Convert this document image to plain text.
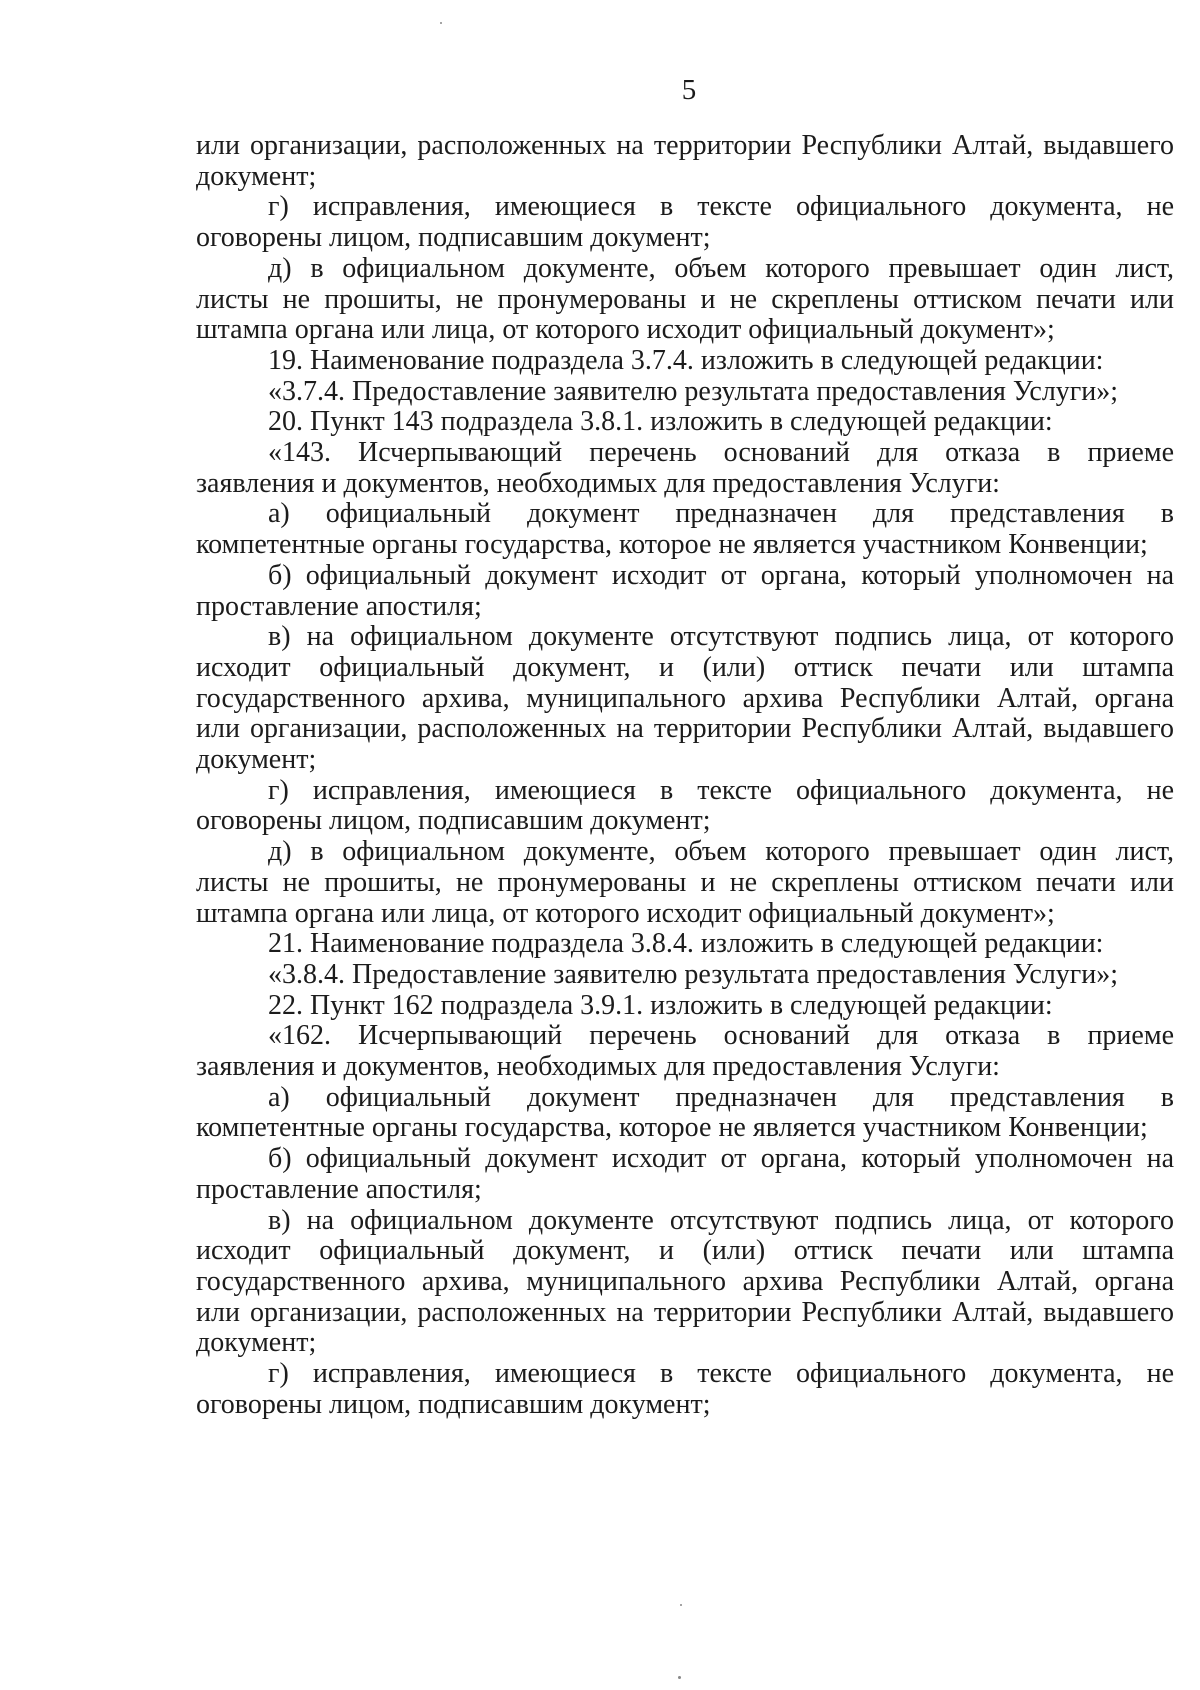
5
или организации, расположенных на территории Республики Алтай, выдавшего
документ;
г) исправления, имеющиеся в тексте официального документа, не
оговорены лицом, подписавшим документ;
д) в официальном документе, объем которого превышает один лист,
листы не прошиты, не пронумерованы и не скреплены оттиском печати или
штампа органа или лица, от которого исходит официальный документ»;
19. Наименование подраздела 3.7.4. изложить в следующей редакции:
«3.7.4. Предоставление заявителю результата предоставления Услуги»;
20. Пункт 143 подраздела 3.8.1. изложить в следующей редакции:
«143. Исчерпывающий перечень оснований для отказа в приеме
заявления и документов, необходимых для предоставления Услуги:
а) официальный документ предназначен для представления в
компетентные органы государства, которое не является участником Конвенции;
б) официальный документ исходит от органа, который уполномочен на
проставление апостиля;
в) на официальном документе отсутствуют подпись лица, от которого
исходит официальный документ, и (или) оттиск печати или штампа
государственного архива, муниципального архива Республики Алтай, органа
или организации, расположенных на территории Республики Алтай, выдавшего
документ;
г) исправления, имеющиеся в тексте официального документа, не
оговорены лицом, подписавшим документ;
д) в официальном документе, объем которого превышает один лист,
листы не прошиты, не пронумерованы и не скреплены оттиском печати или
штампа органа или лица, от которого исходит официальный документ»;
21. Наименование подраздела 3.8.4. изложить в следующей редакции:
«3.8.4. Предоставление заявителю результата предоставления Услуги»;
22. Пункт 162 подраздела 3.9.1. изложить в следующей редакции:
«162. Исчерпывающий перечень оснований для отказа в приеме
заявления и документов, необходимых для предоставления Услуги:
а) официальный документ предназначен для представления в
компетентные органы государства, которое не является участником Конвенции;
б) официальный документ исходит от органа, который уполномочен на
проставление апостиля;
в) на официальном документе отсутствуют подпись лица, от которого
исходит официальный документ, и (или) оттиск печати или штампа
государственного архива, муниципального архива Республики Алтай, органа
или организации, расположенных на территории Республики Алтай, выдавшего
документ;
г) исправления, имеющиеся в тексте официального документа, не
оговорены лицом, подписавшим документ;
